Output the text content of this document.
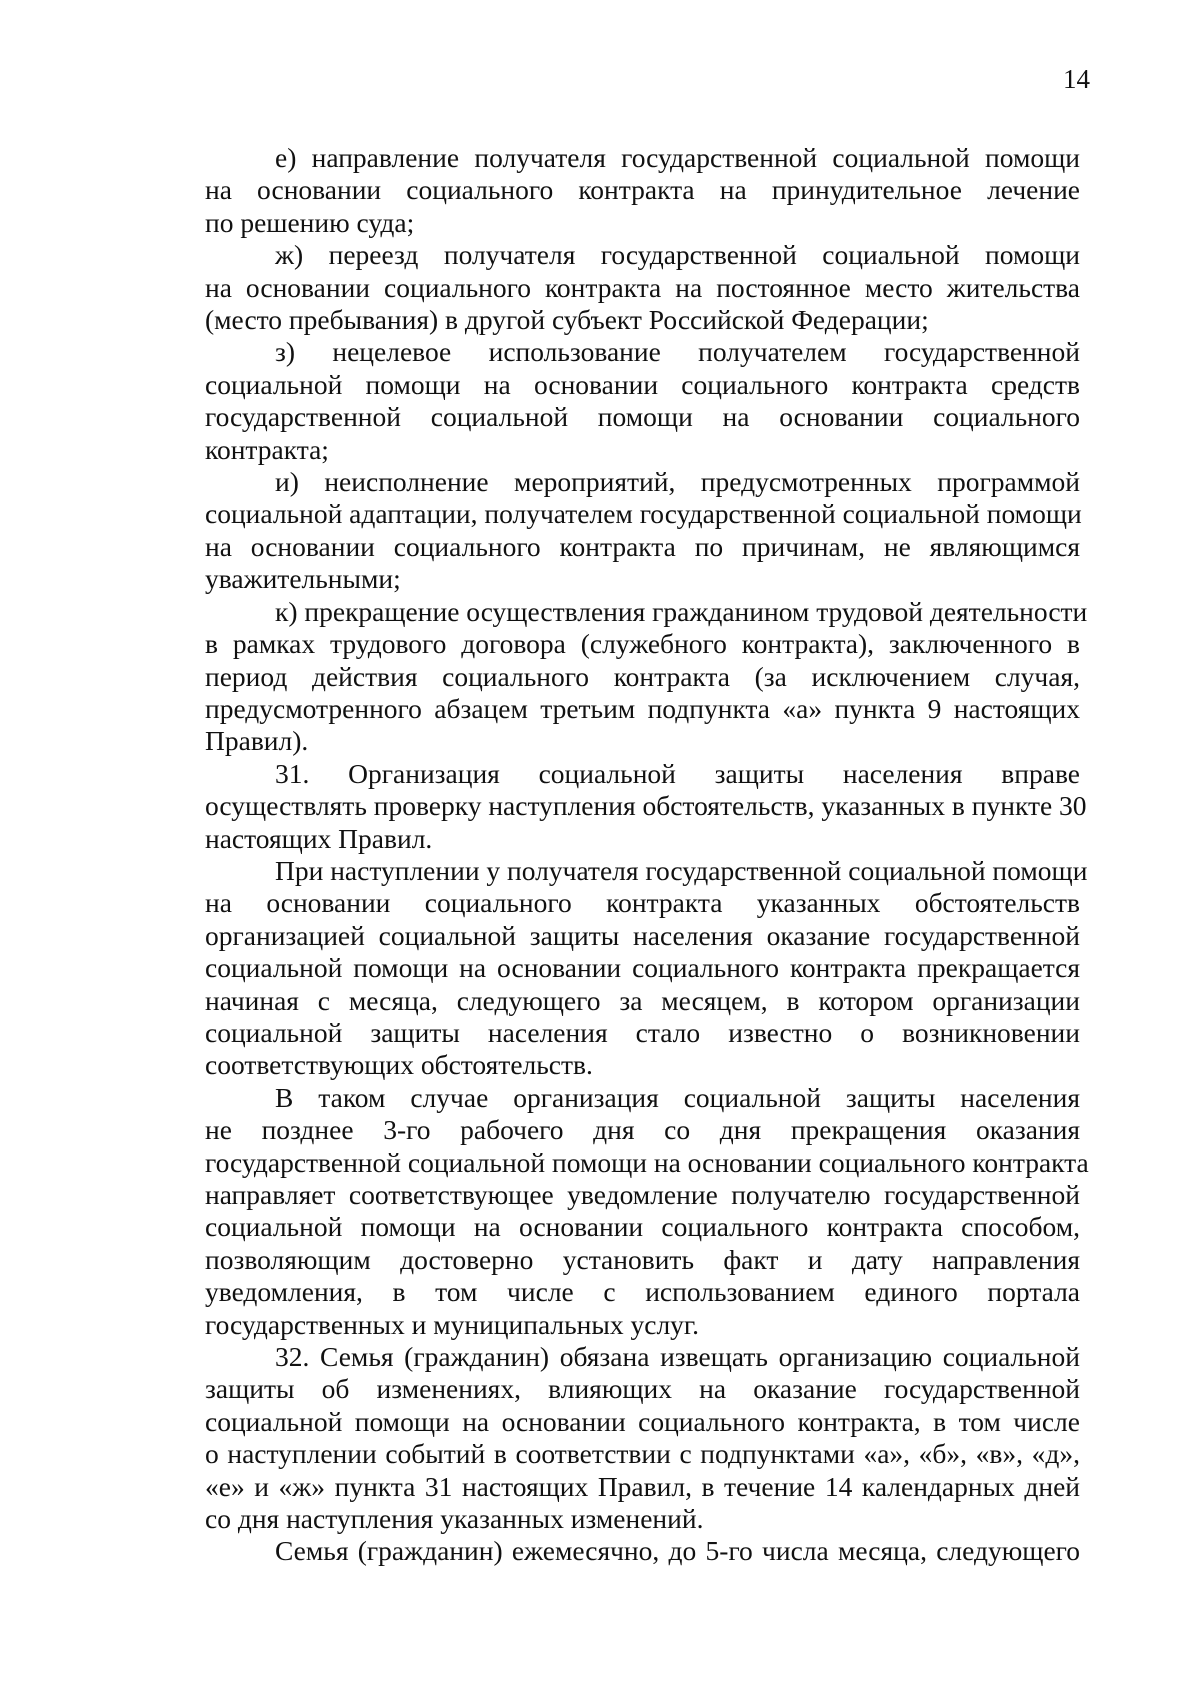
14

е) направление получателя государственной социальной помощи
на основании социального контракта на принудительное лечение
по решению суда;

ж) переезд получателя государственной социальной помощи
на основании социального контракта на постоянное место жительства
(место пребывания) в другой субъект Российской Федерации;

з) нецелевое использование получателем государственной
социальной помощи на основании социального контракта средств
государственной социальной помощи на основании социального
контракта;

и) неисполнение мероприятий, предусмотренных программой
социальной адаптации, получателем государственной социальной помощи
на основании социального контракта по причинам, не являющимся
уважительными;

к) прекращение осуществления гражданином трудовой деятельности
в рамках трудового договора (служебного контракта), заключенного в
период действия социального контракта (за исключением случая,
предусмотренного абзацем третьим подпункта «а» пункта 9 настоящих
Правил).

31. Организация социальной защиты населения вправе
осуществлять проверку наступления обстоятельств, указанных в пункте 30
настоящих Правил.

При наступлении у получателя государственной социальной помощи
на основании социального контракта указанных обстоятельств
организацией социальной защиты населения оказание государственной
социальной помощи на основании социального контракта прекращается
начиная с месяца, следующего за месяцем, в котором организации
социальной защиты населения стало известно о возникновении
соответствующих обстоятельств.

В таком случае организация социальной защиты населения
не позднее 3-го рабочего дня со дня прекращения оказания
государственной социальной помощи на основании социального контракта
направляет соответствующее уведомление получателю государственной
социальной помощи на основании социального контракта способом,
позволяющим достоверно установить факт и дату направления
уведомления, в том числе с использованием единого портала
государственных и муниципальных услуг.

32. Семья (гражданин) обязана извещать организацию социальной
защиты об изменениях, влияющих на оказание государственной
социальной помощи на основании социального контракта, в том числе
о наступлении событий в соответствии с подпунктами «а», «б», «в», «д»,
«е» и «ж» пункта 31 настоящих Правил, в течение 14 календарных дней
со дня наступления указанных изменений.

Семья (гражданин) ежемесячно, до 5-го числа месяца, следующего
